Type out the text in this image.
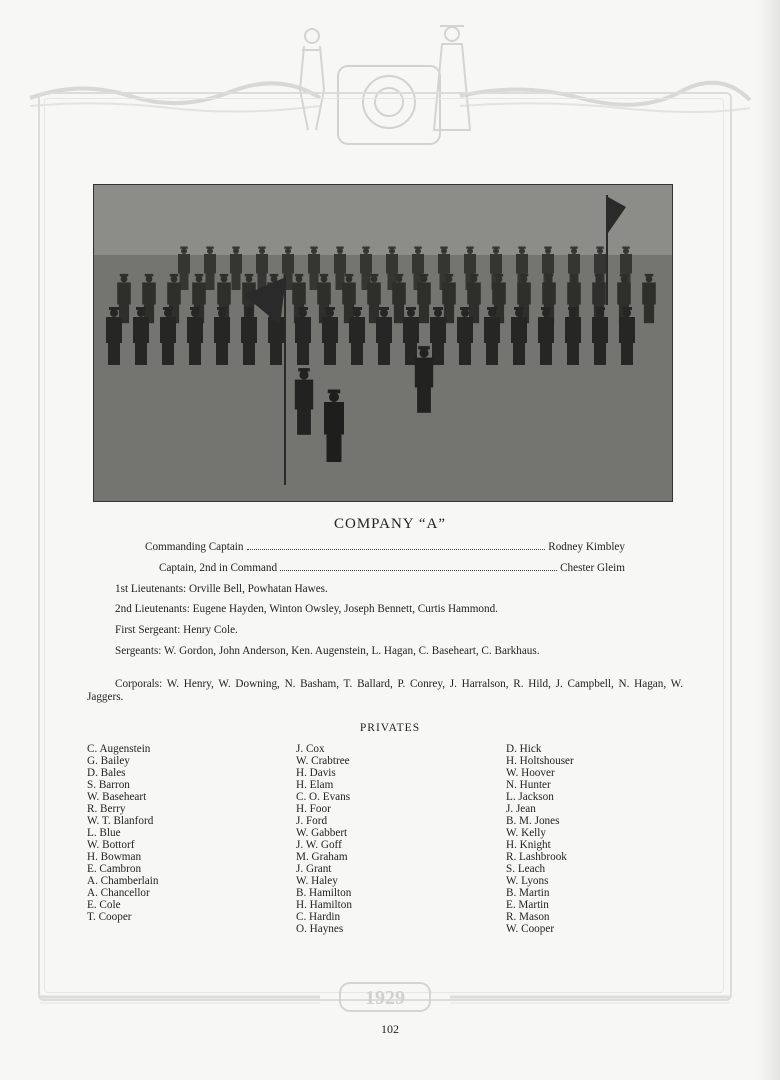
COMPANY “A”
Commanding Captain	Rodney Kimbley
Captain, 2nd in Command	Chester Gleim
1st Lieutenants: Orville Bell, Powhatan Hawes.
2nd Lieutenants: Eugene Hayden, Winton Owsley, Joseph Bennett, Curtis Hammond.
First Sergeant: Henry Cole.
Sergeants: W. Gordon, John Anderson, Ken. Augenstein, L. Hagan, C. Baseheart, C. Barkhaus.
Corporals: W. Henry, W. Downing, N. Basham, T. Ballard, P. Conrey, J. Harralson, R. Hild, J. Campbell, N. Hagan, W. Jaggers.
PRIVATES
C. Augenstein
G. Bailey
D. Bales
S. Barron
W. Baseheart
R. Berry
W. T. Blanford
L. Blue
W. Bottorf
H. Bowman
E. Cambron
A. Chamberlain
A. Chancellor
E. Cole
T. Cooper
J. Cox
W. Crabtree
H. Davis
H. Elam
C. O. Evans
H. Foor
J. Ford
W. Gabbert
J. W. Goff
M. Graham
J. Grant
W. Haley
B. Hamilton
H. Hamilton
C. Hardin
O. Haynes
D. Hick
H. Holtshouser
W. Hoover
N. Hunter
L. Jackson
J. Jean
B. M. Jones
W. Kelly
H. Knight
R. Lashbrook
S. Leach
W. Lyons
B. Martin
E. Martin
R. Mason
W. Cooper
1929
102
